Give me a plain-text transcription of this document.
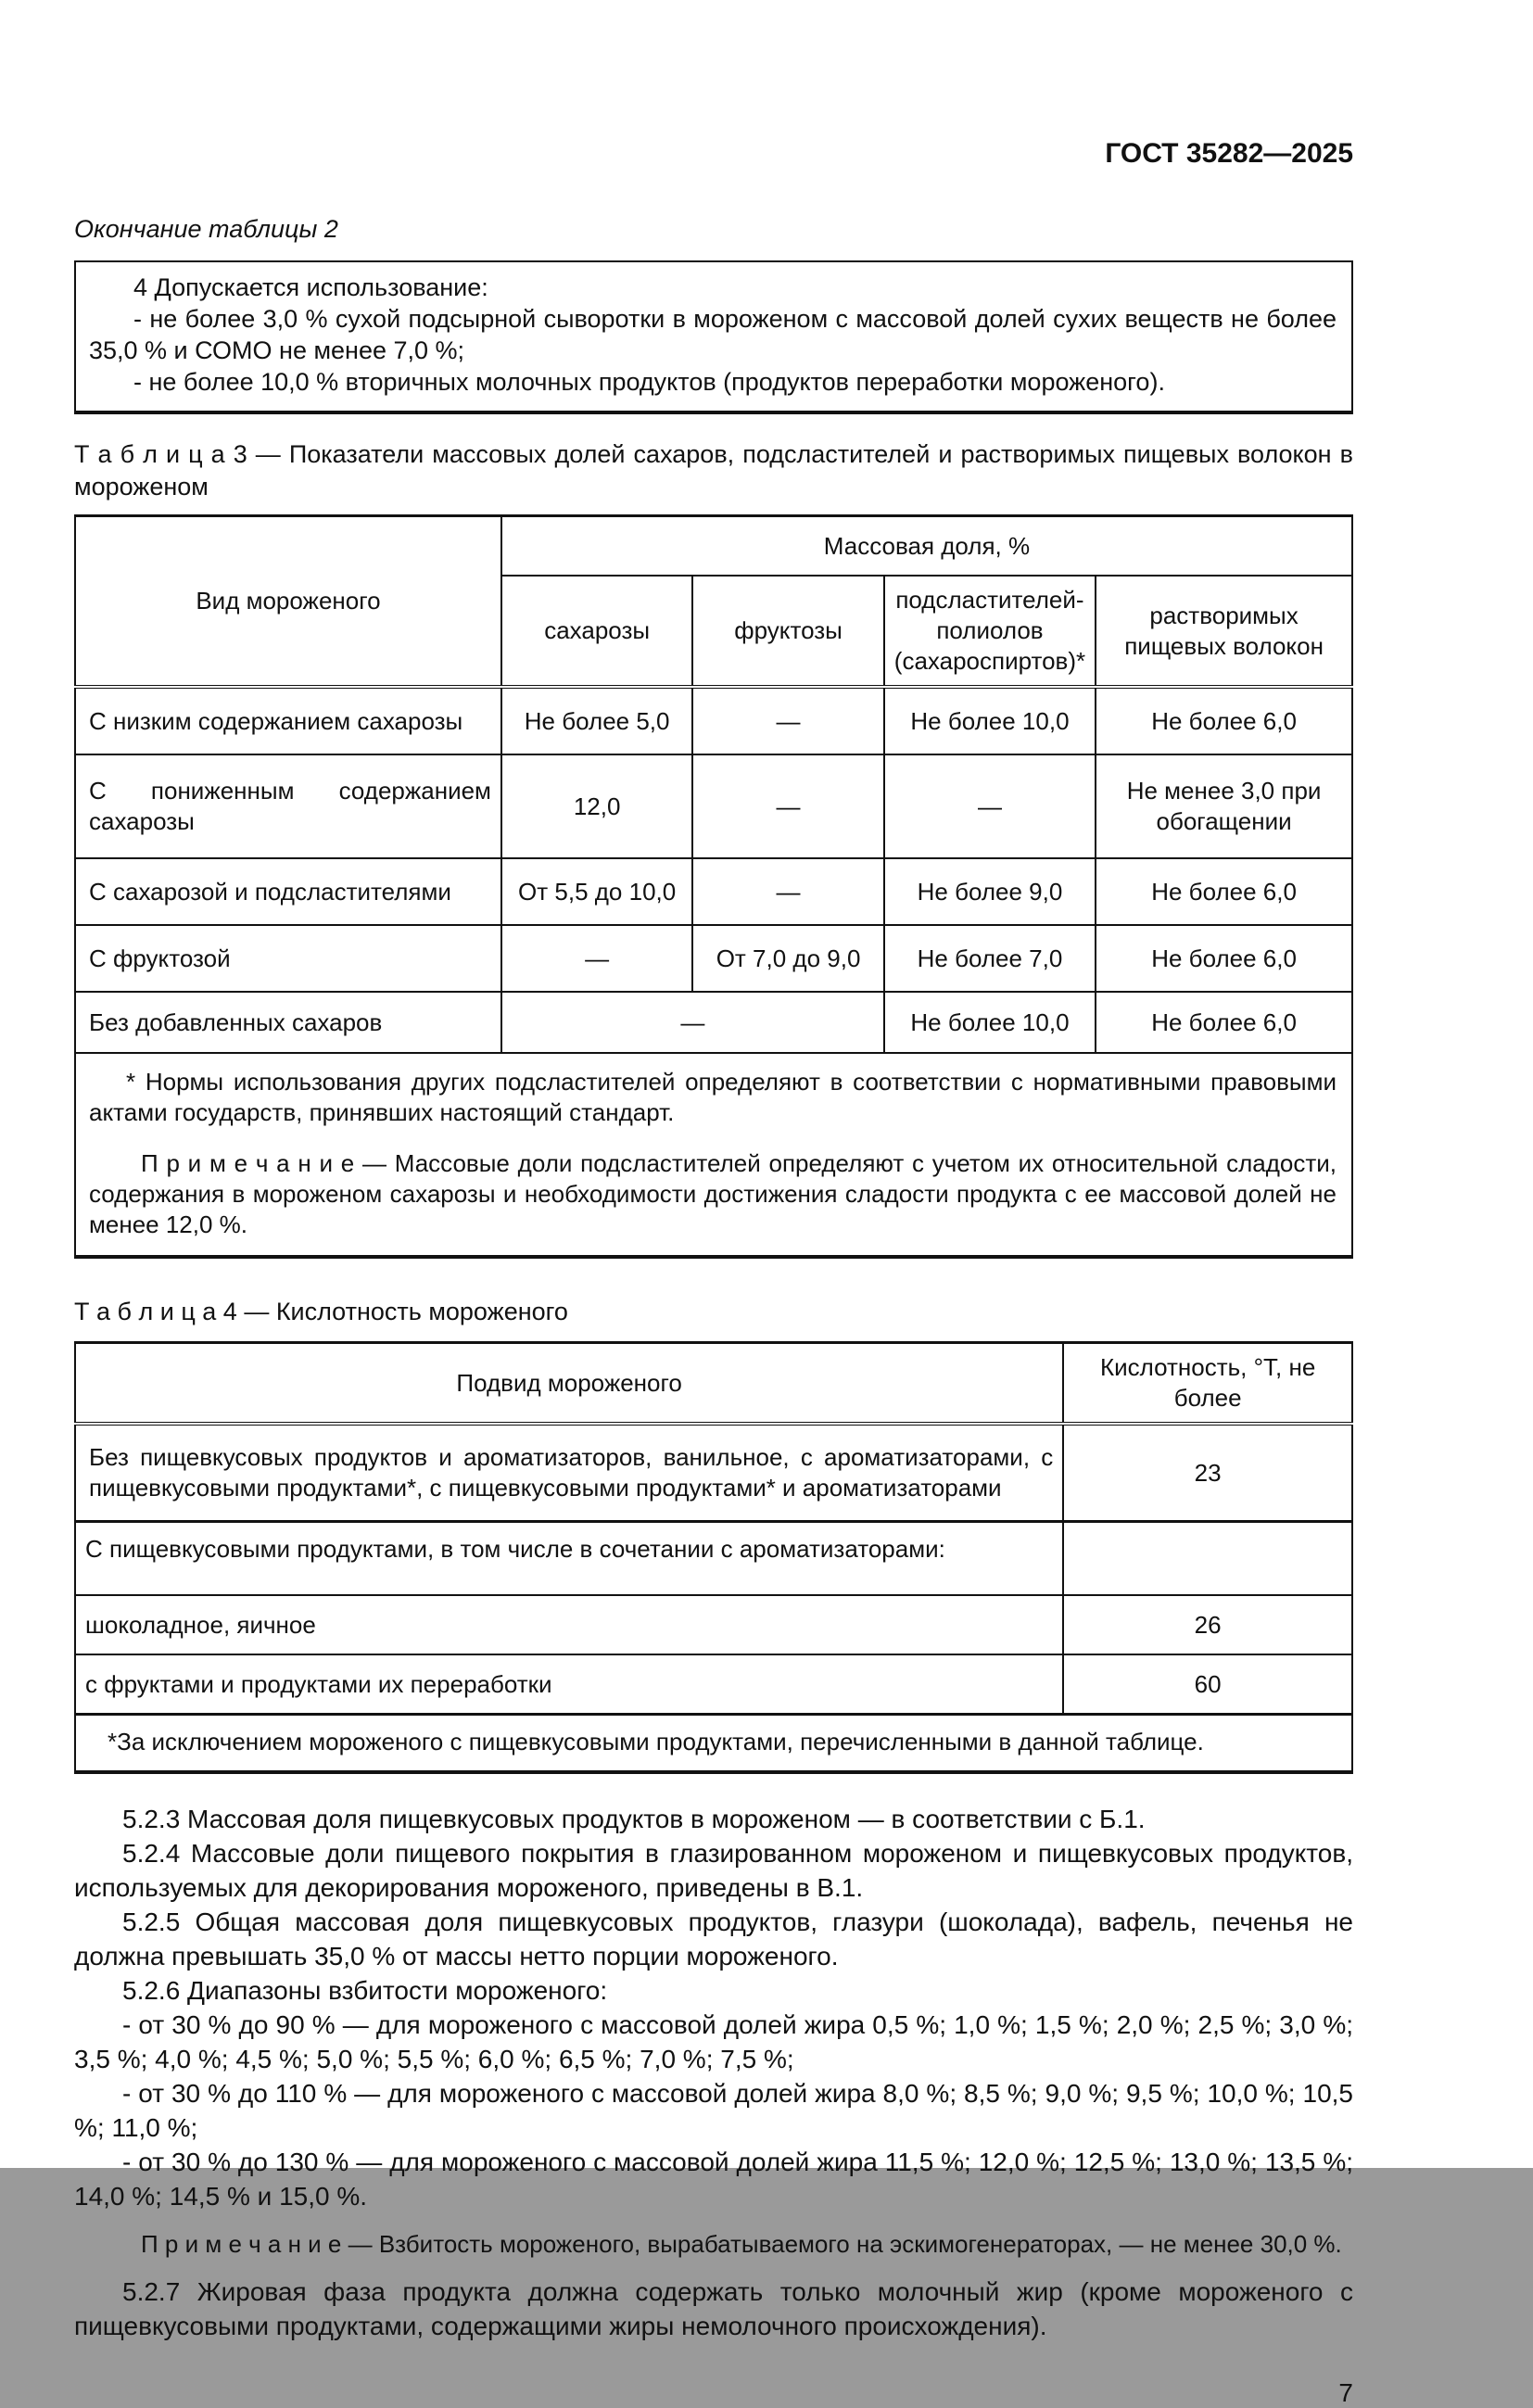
ГОСТ 35282—2025
Окончание таблицы 2
4 Допускается использование:
- не более 3,0 % сухой подсырной сыворотки в мороженом с массовой долей сухих веществ не более 35,0 % и СОМО не менее 7,0 %;
- не более 10,0 % вторичных молочных продуктов (продуктов переработки мороженого).
Т а б л и ц а 3 — Показатели массовых долей сахаров, подсластителей и растворимых пищевых волокон в мороженом
Вид мороженого	Массовая доля, %			
	сахарозы	фруктозы	подсластителей-полиолов (сахароспиртов)*	растворимых пищевых волокон
С низким содержанием сахарозы	Не более 5,0	—	Не более 10,0	Не более 6,0
С пониженным содержанием сахарозы	12,0	—	—	Не менее 3,0 при обогащении
С сахарозой и подсластителями	От 5,5 до 10,0	—	Не более 9,0	Не более 6,0
С фруктозой	—	От 7,0 до 9,0	Не более 7,0	Не более 6,0
Без добавленных сахаров	—		Не более 10,0	Не более 6,0

* Нормы использования других подсластителей определяют в соответствии с нормативными правовыми актами государств, принявших настоящий стандарт.

П р и м е ч а н и е — Массовые доли подсластителей определяют с учетом их относительной сладости, содержания в мороженом сахарозы и необходимости достижения сладости продукта с ее массовой долей не менее 12,0 %.				

Т а б л и ц а 4 — Кислотность мороженого
Подвид мороженого	Кислотность, °Т, не более
Без пищевкусовых продуктов и ароматизаторов, ванильное, с ароматизаторами, с пищевкусовыми продуктами*, с пищевкусовыми продуктами* и ароматизаторами	23
С пищевкусовыми продуктами, в том числе в сочетании с ароматизаторами:	
шоколадное, яичное	26
с фруктами и продуктами их переработки	60

*За исключением мороженого с пищевкусовыми продуктами, перечисленными в данной таблице.	

5.2.3 Массовая доля пищевкусовых продуктов в мороженом — в соответствии с Б.1.

5.2.4 Массовые доли пищевого покрытия в глазированном мороженом и пищевкусовых продуктов, используемых для декорирования мороженого, приведены в В.1.

5.2.5 Общая массовая доля пищевкусовых продуктов, глазури (шоколада), вафель, печенья не должна превышать 35,0 % от массы нетто порции мороженого.

5.2.6 Диапазоны взбитости мороженого:

- от 30 % до 90 % — для мороженого с массовой долей жира 0,5 %; 1,0 %; 1,5 %; 2,0 %; 2,5 %; 3,0 %; 3,5 %; 4,0 %; 4,5 %; 5,0 %; 5,5 %; 6,0 %; 6,5 %; 7,0 %; 7,5 %;

- от 30 % до 110 % — для мороженого с массовой долей жира 8,0 %; 8,5 %; 9,0 %; 9,5 %; 10,0 %; 10,5 %; 11,0 %;

- от 30 % до 130 % — для мороженого с массовой долей жира 11,5 %; 12,0 %; 12,5 %; 13,0 %; 13,5 %; 14,0 %; 14,5 % и 15,0 %.

П р и м е ч а н и е — Взбитость мороженого, вырабатываемого на эскимогенераторах, — не менее 30,0 %.

5.2.7 Жировая фаза продукта должна содержать только молочный жир (кроме мороженого с пищевкусовыми продуктами, содержащими жиры немолочного происхождения).

7
